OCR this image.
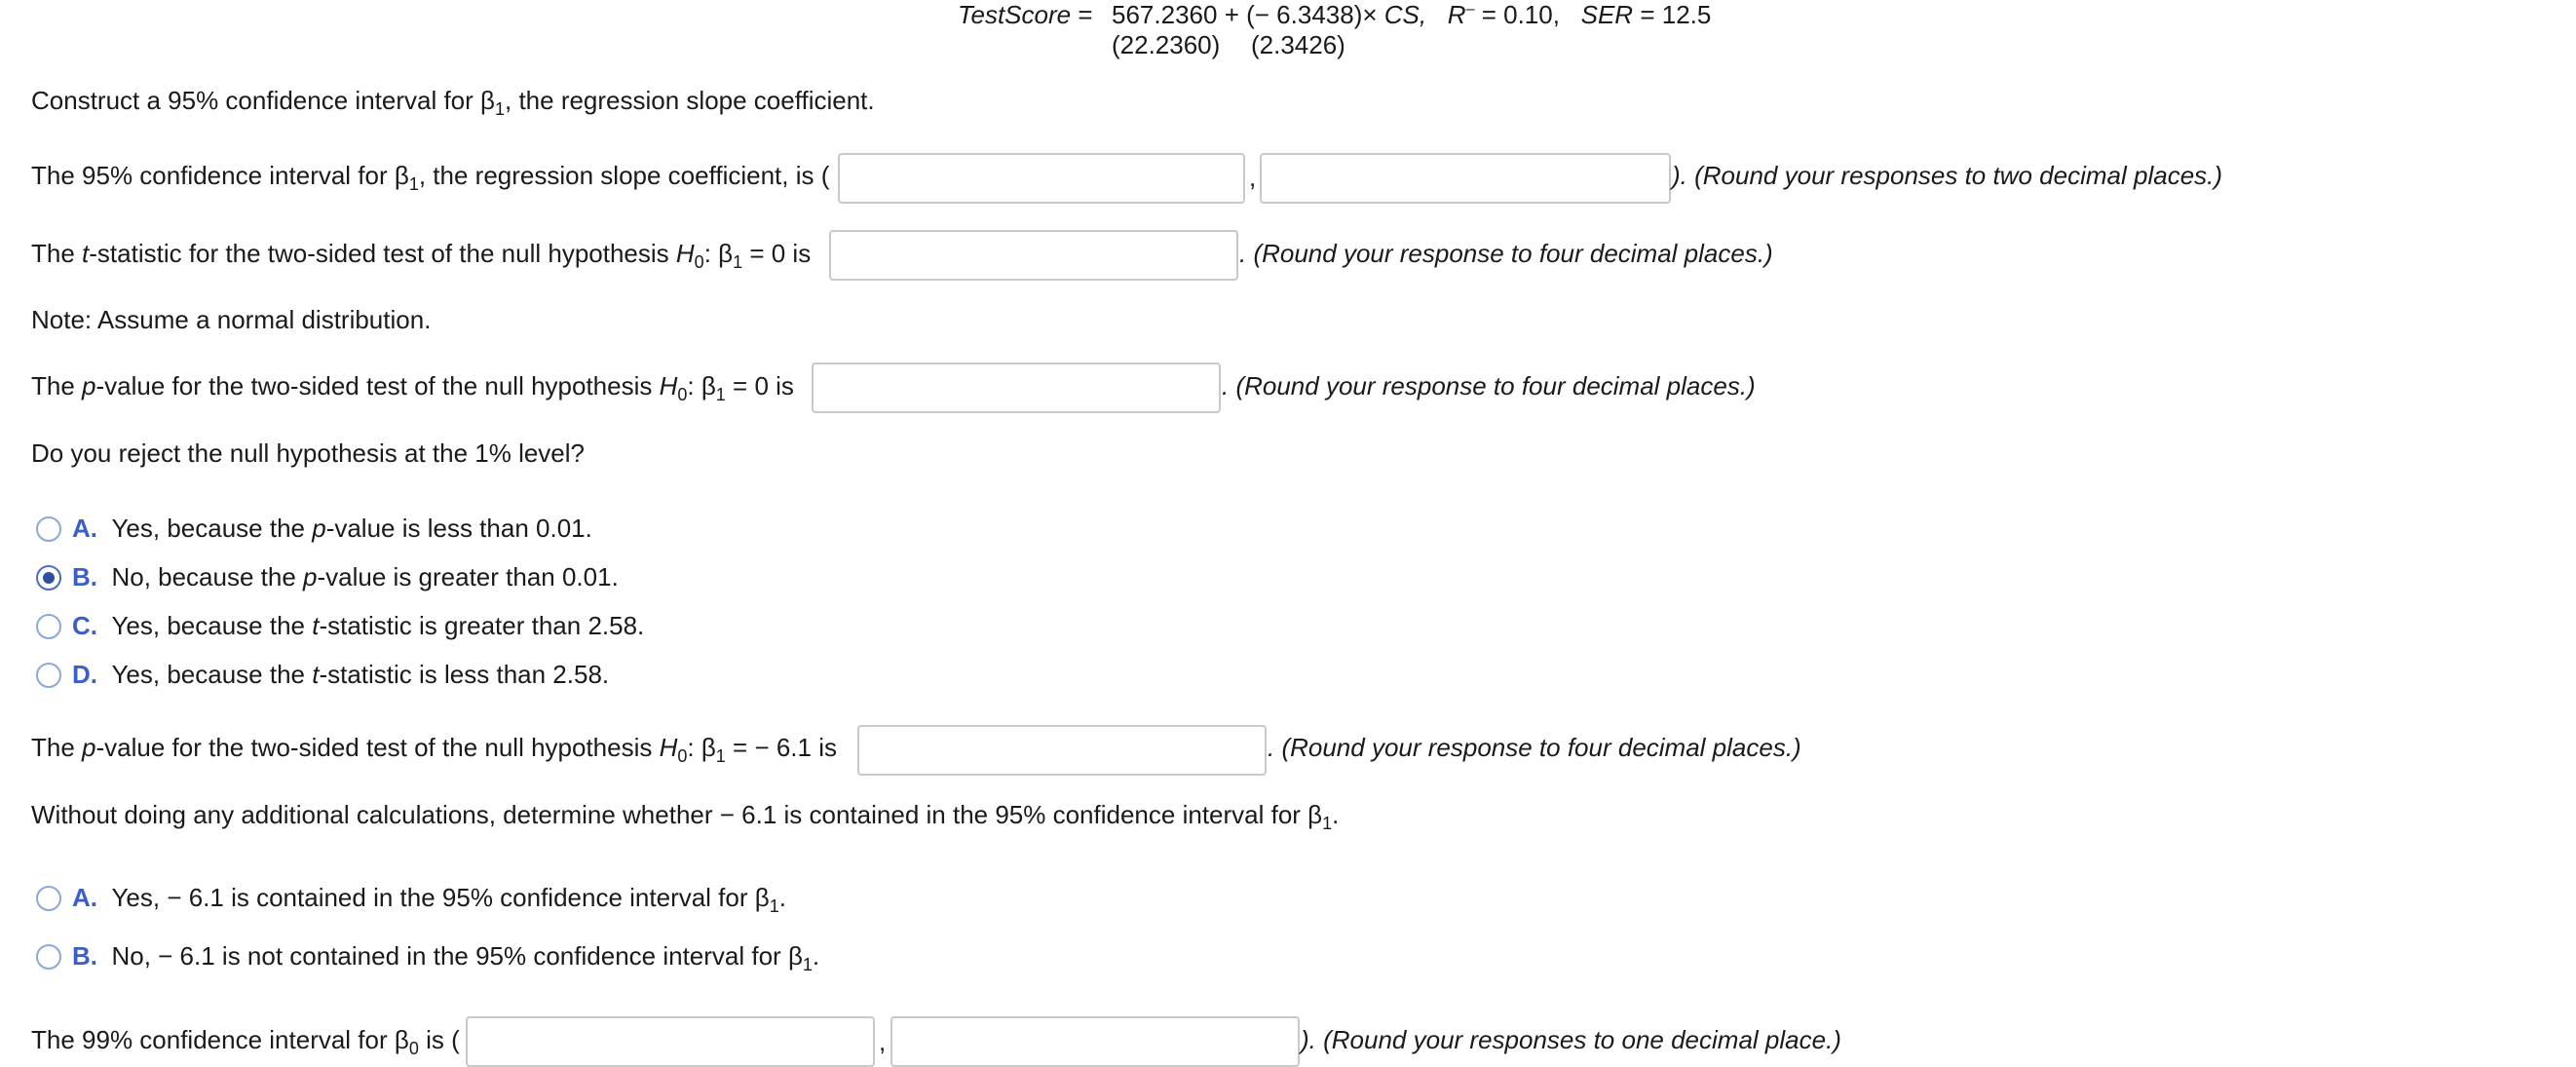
TestScore = 567.2360 + (− 6.3438)× CS, R‒ = 0.10, SER = 12.5
(22.2360) (2.3426)
Construct a 95% confidence interval for $\beta_1$, the regression slope coefficient.
The 95% confidence interval for $\beta_1$, the regression slope coefficient, is (	,	). (Round your responses to two decimal places.)
The t-statistic for the two-sided test of the null hypothesis $H_0$: $\beta_1 = 0$ is	. (Round your response to four decimal places.)
Note: Assume a normal distribution.
The p-value for the two-sided test of the null hypothesis $H_0$: $\beta_1 = 0$ is	. (Round your response to four decimal places.)
Do you reject the null hypothesis at the 1% level?
A. Yes, because the p-value is less than 0.01.
B. No, because the p-value is greater than 0.01.
C. Yes, because the t-statistic is greater than 2.58.
D. Yes, because the t-statistic is less than 2.58.
The p-value for the two-sided test of the null hypothesis $H_0$: $\beta_1$ = − 6.1 is	. (Round your response to four decimal places.)
Without doing any additional calculations, determine whether − 6.1 is contained in the 95% confidence interval for $\beta_1$.
A. Yes, − 6.1 is contained in the 95% confidence interval for $\beta_1$.
B. No, − 6.1 is not contained in the 95% confidence interval for $\beta_1$.
The 99% confidence interval for $\beta_0$ is (	,	). (Round your responses to one decimal place.)
